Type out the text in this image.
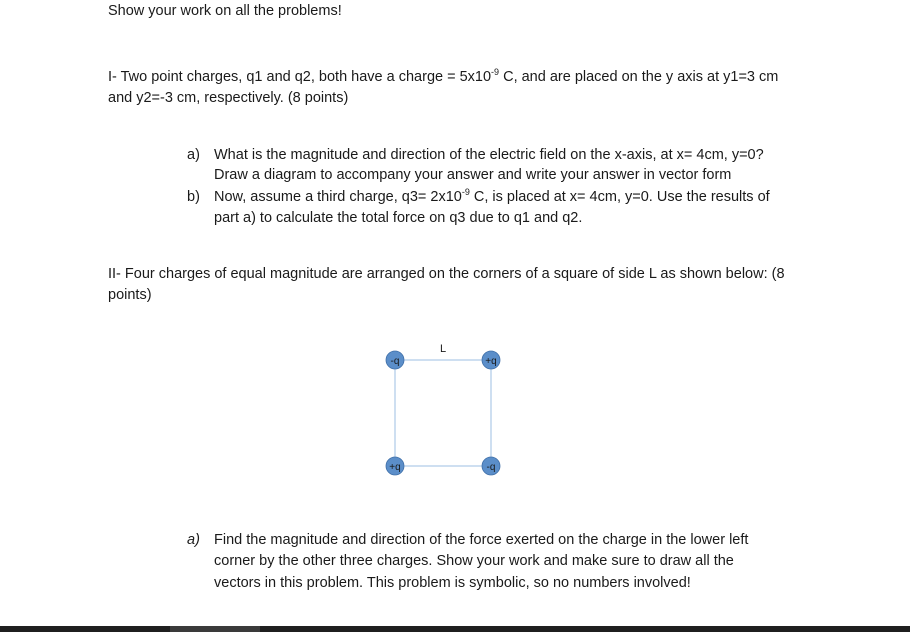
Show your work on all the problems!
I- Two point charges, q1 and q2, both have a charge = $5x10^{-9}$ C, and are placed on the y axis at y1=3 cm
and y2=-3 cm, respectively. (8 points)
a) What is the magnitude and direction of the electric field on the x-axis, at x= 4cm, y=0?
Draw a diagram to accompany your answer and write your answer in vector form
b) Now, assume a third charge, $q3= 2x10^{-9}$ C, is placed at x= 4cm, y=0. Use the results of
part a) to calculate the total force on q3 due to q1 and q2.
II- Four charges of equal magnitude are arranged on the corners of a square of side L as shown below: (8
points)
L
-q	+q
+q	-q
a) Find the magnitude and direction of the force exerted on the charge in the lower left
corner by the other three charges. Show your work and make sure to draw all the
vectors in this problem. This problem is symbolic, so no numbers involved!
